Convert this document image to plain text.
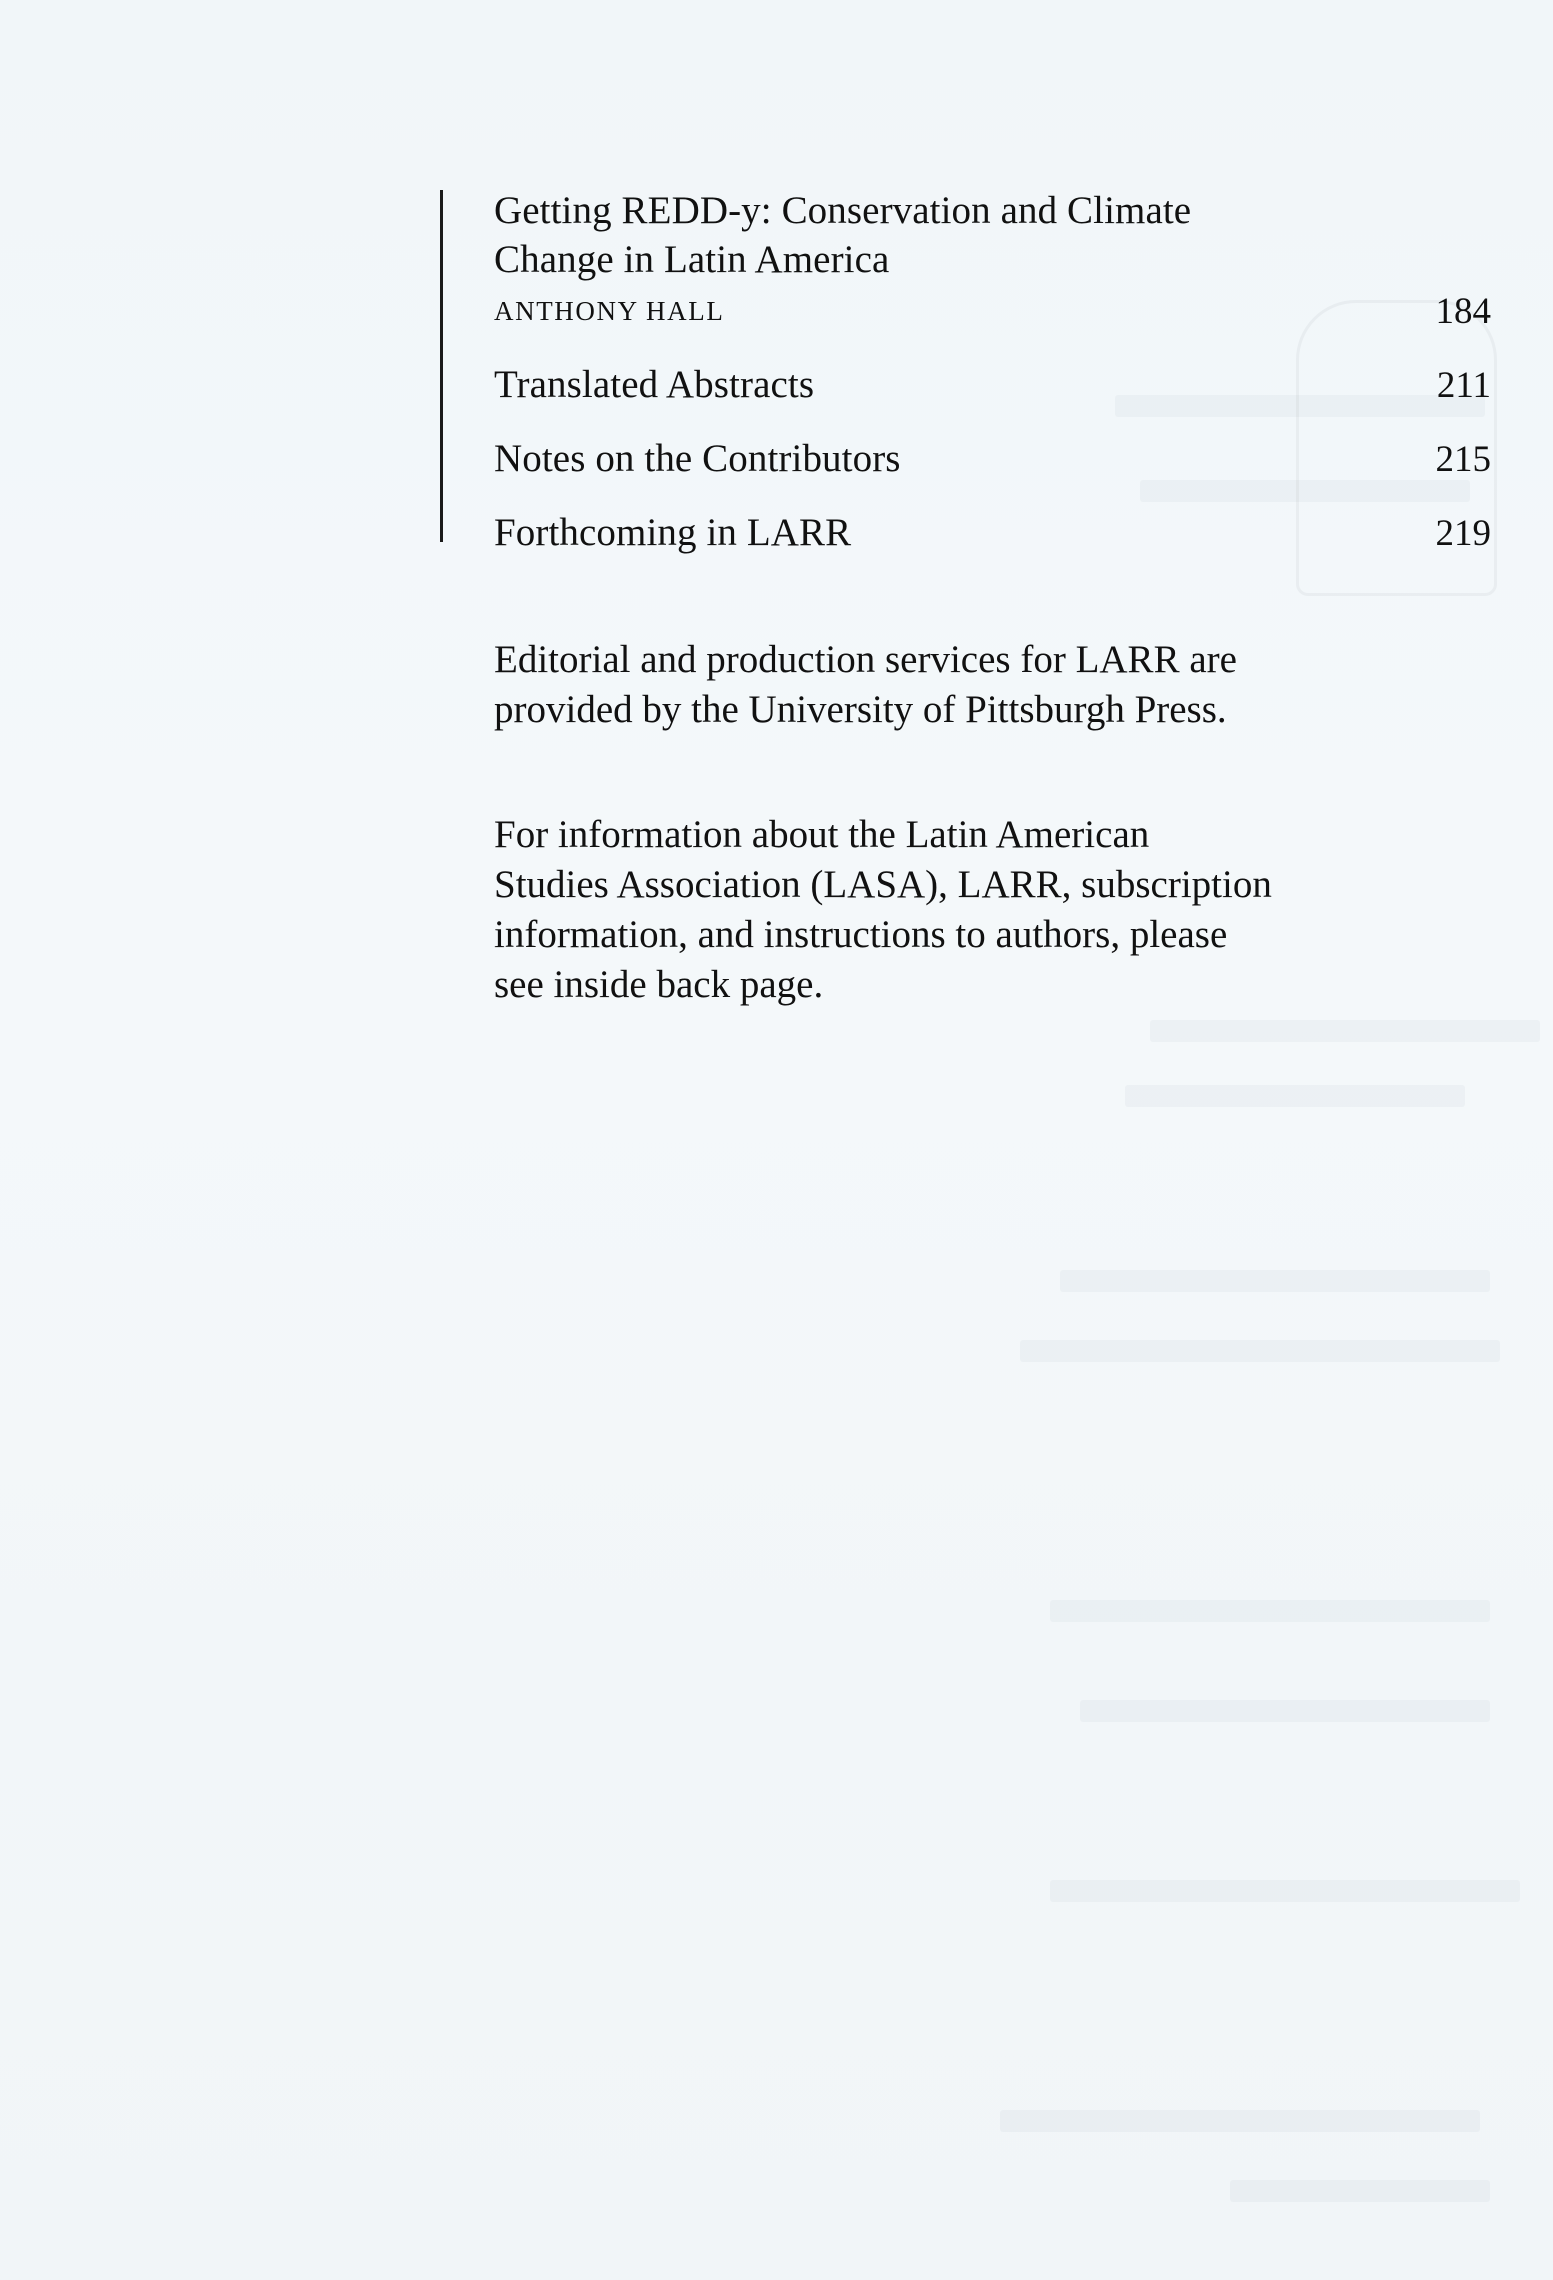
Getting REDD-y: Conservation and Climate
Change in Latin America
ANTHONY HALL	184
Translated Abstracts	211
Notes on the Contributors	215
Forthcoming in LARR	219
Editorial and production services for LARR are
provided by the University of Pittsburgh Press.
For information about the Latin American
Studies Association (LASA), LARR, subscription
information, and instructions to authors, please
see inside back page.
